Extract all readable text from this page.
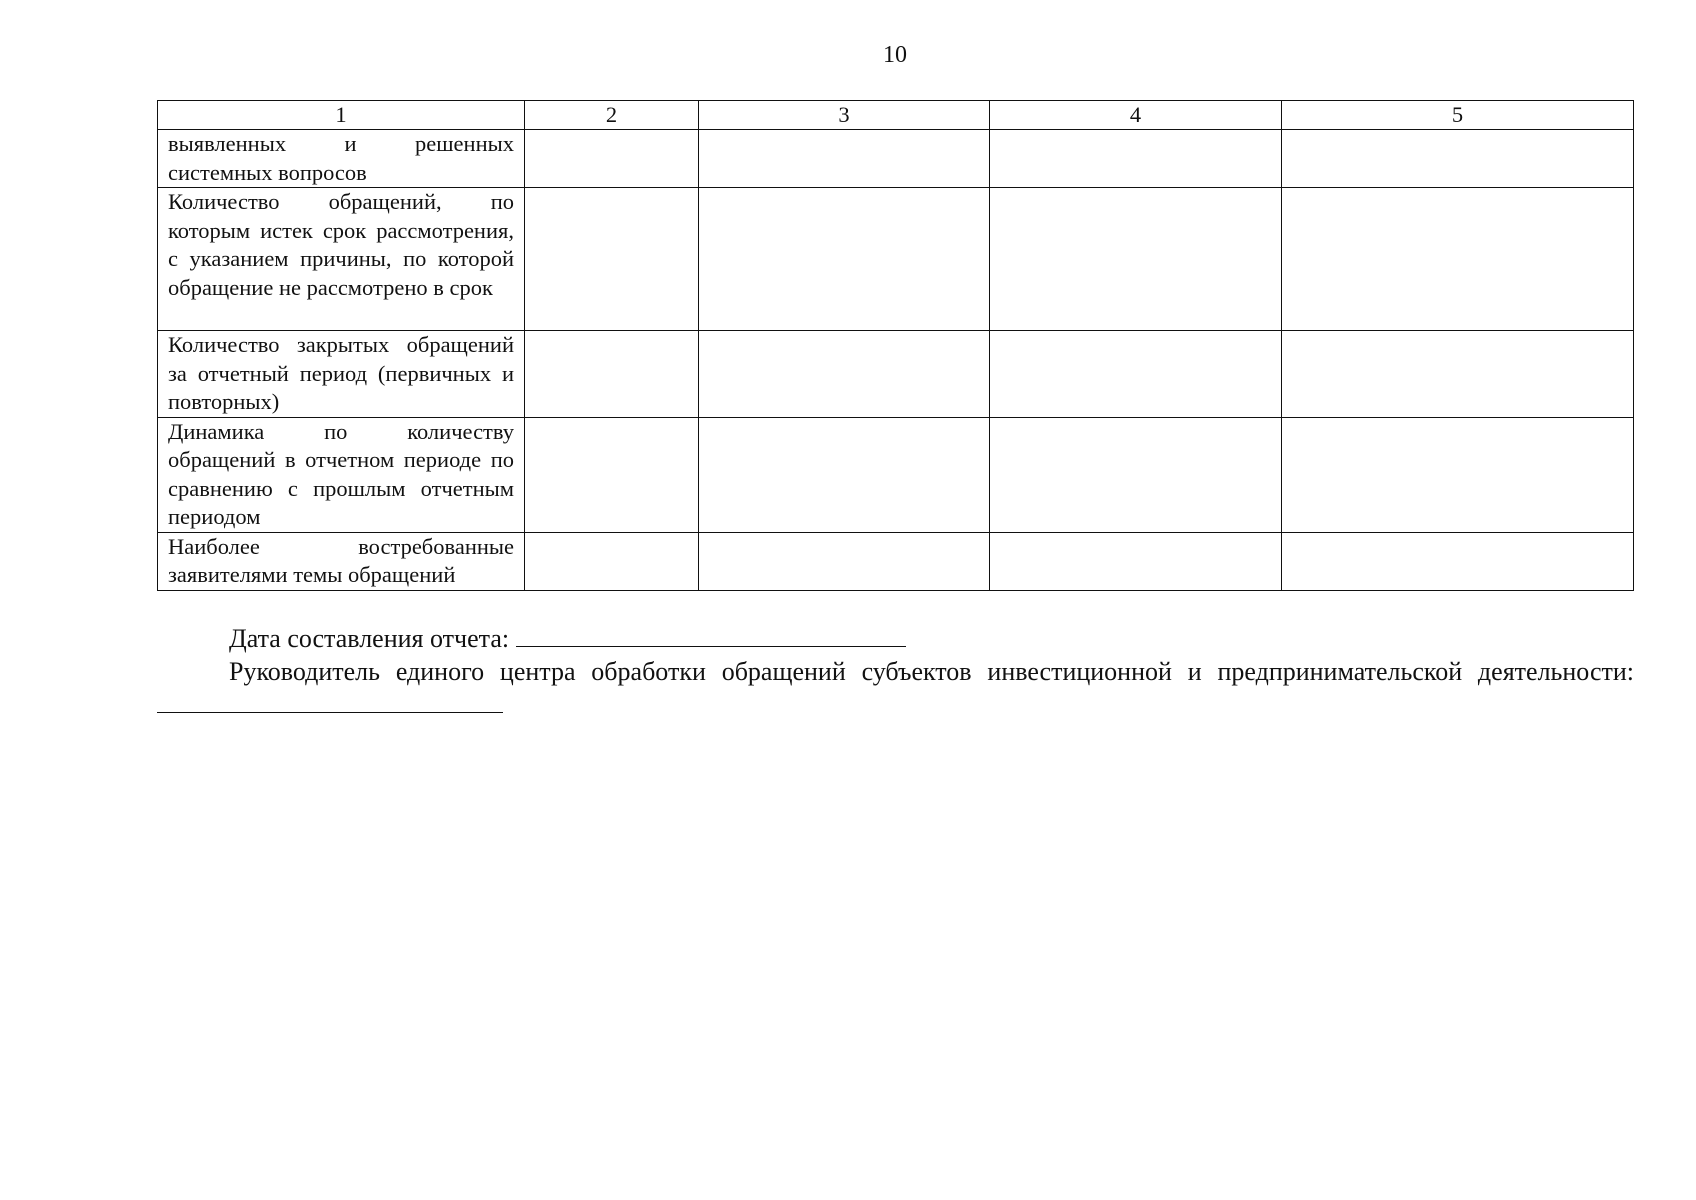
10
1	2	3	4	5
выявленных и решенных системных вопросов				
Количество обращений, по которым истек срок рассмотрения, с указанием причины, по которой обращение не рассмотрено в срок				
Количество закрытых обращений за отчетный период (первичных и повторных)				
Динамика по количеству обращений в отчетном периоде по сравнению с прошлым отчетным периодом				
Наиболее востребованные заявителями темы обращений				
Дата составления отчета:
Руководитель единого центра обработки обращений субъектов инвестиционной и предпринимательской деятельности:
